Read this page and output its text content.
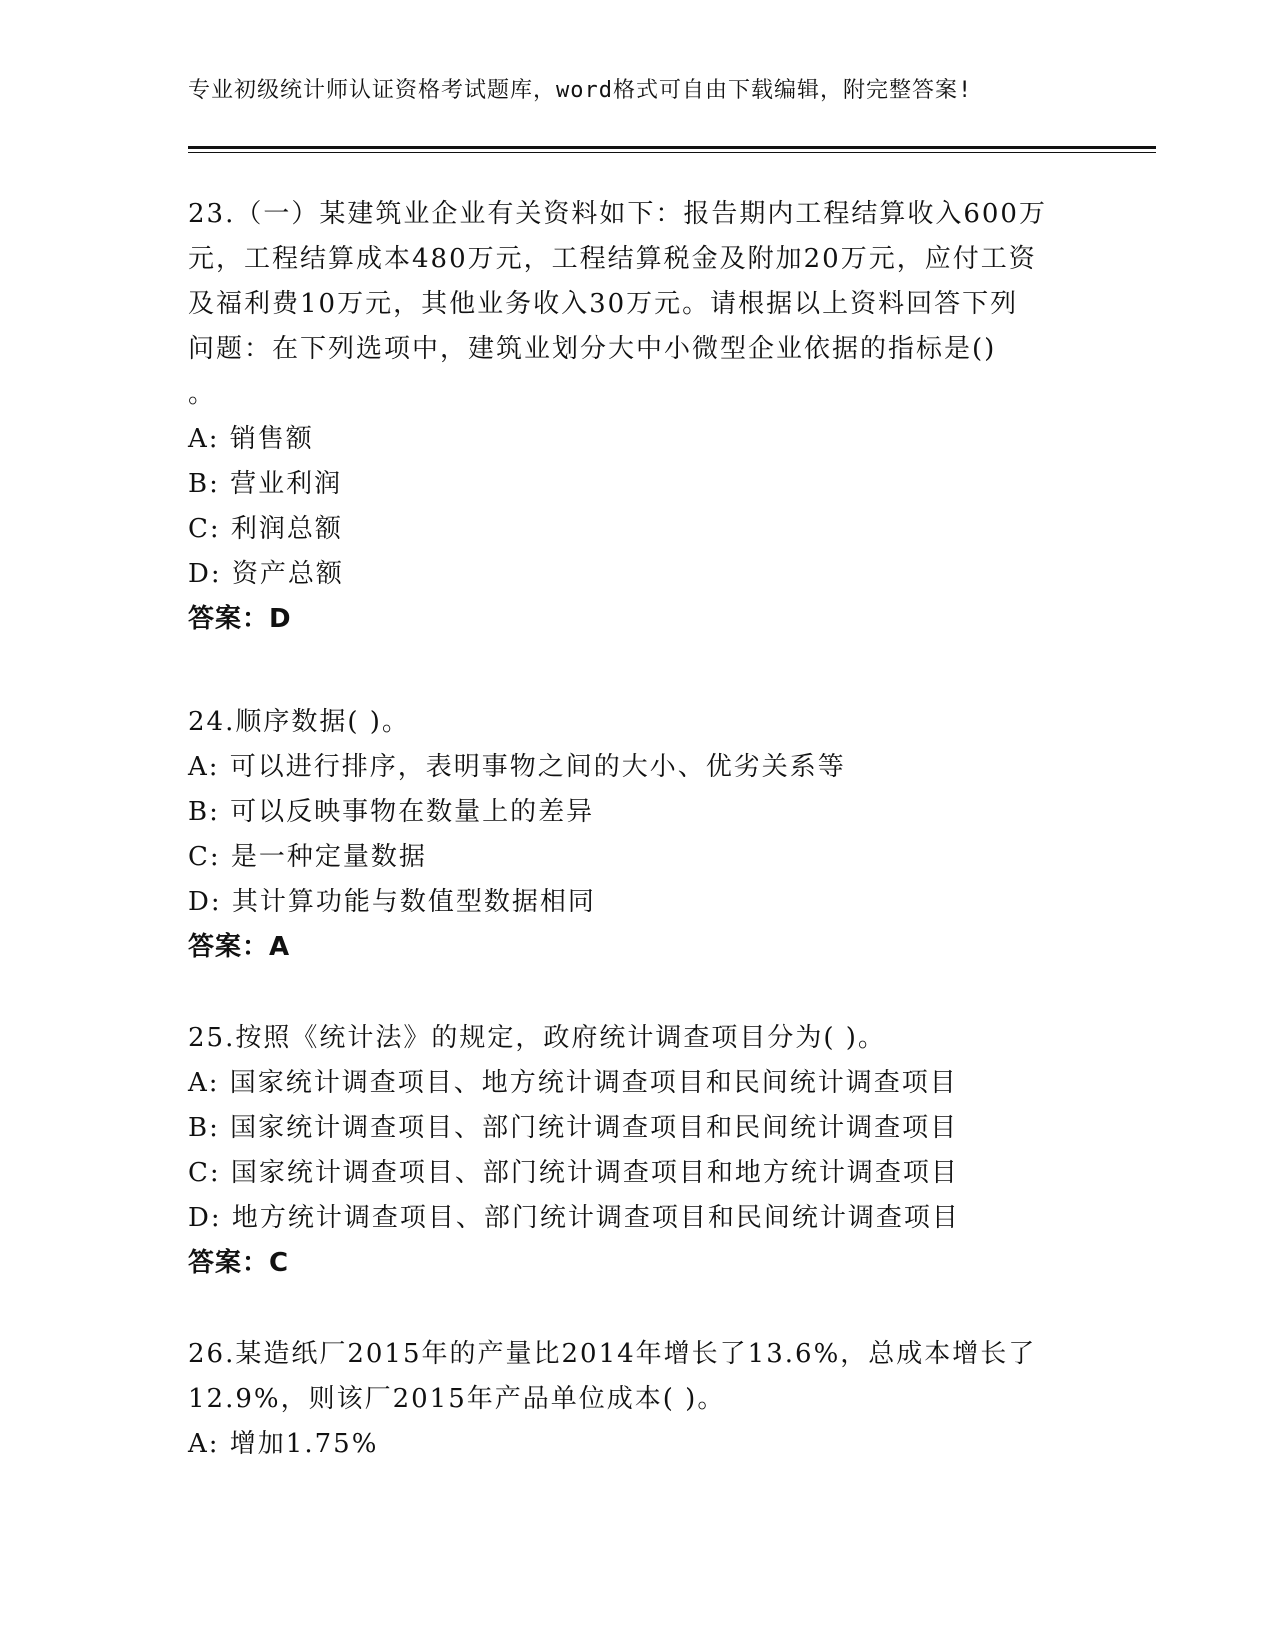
专业初级统计师认证资格考试题库，word格式可自由下载编辑，附完整答案!
23.（一）某建筑业企业有关资料如下：报告期内工程结算收入600万
元，工程结算成本480万元，工程结算税金及附加20万元，应付工资
及福利费10万元，其他业务收入30万元。请根据以上资料回答下列
问题：在下列选项中，建筑业划分大中小微型企业依据的指标是()
。
A: 销售额
B: 营业利润
C: 利润总额
D: 资产总额
答案：D
24.顺序数据( )。
A: 可以进行排序，表明事物之间的大小、优劣关系等
B: 可以反映事物在数量上的差异
C: 是一种定量数据
D: 其计算功能与数值型数据相同
答案：A
25.按照《统计法》的规定，政府统计调查项目分为( )。
A: 国家统计调查项目、地方统计调查项目和民间统计调查项目
B: 国家统计调查项目、部门统计调查项目和民间统计调查项目
C: 国家统计调查项目、部门统计调查项目和地方统计调查项目
D: 地方统计调查项目、部门统计调查项目和民间统计调查项目
答案：C
26.某造纸厂2015年的产量比2014年增长了13.6%，总成本增长了
12.9%，则该厂2015年产品单位成本( )。
A: 增加1.75%
